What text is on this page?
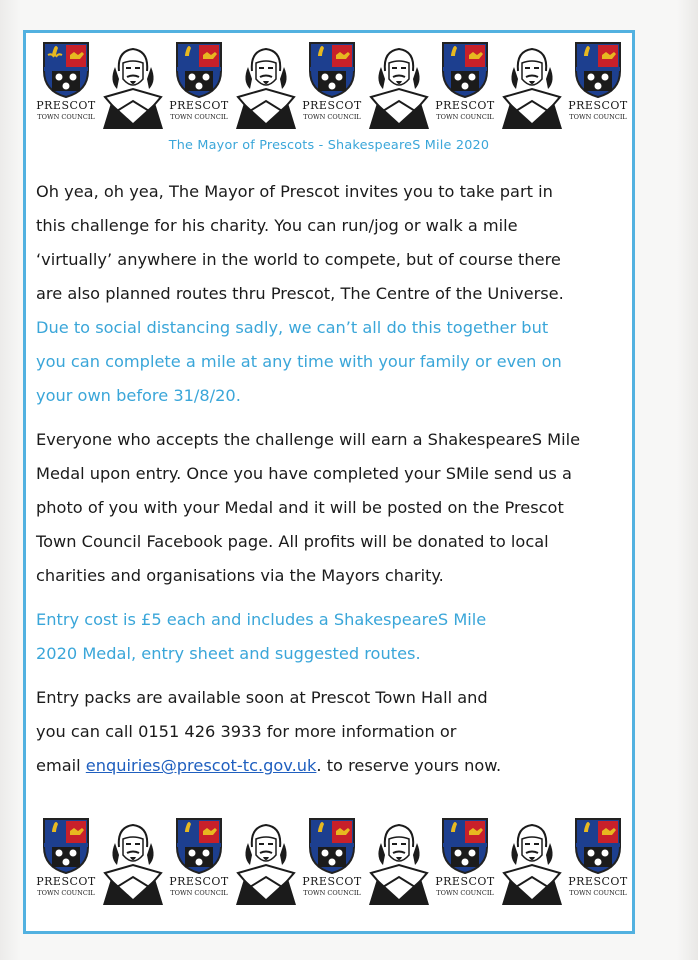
PRESCOT
TOWN COUNCIL
PRESCOT
TOWN COUNCIL
PRESCOT
TOWN COUNCIL
PRESCOT
TOWN COUNCIL
PRESCOT
TOWN COUNCIL
The Mayor of Prescots - ShakespeareS Mile 2020

Oh yea, oh yea, The Mayor of Prescot invites you to take part in
this challenge for his charity. You can run/jog or walk a mile
‘virtually’ anywhere in the world to compete, but of course there
are also planned routes thru Prescot, The Centre of the Universe.

Due to social distancing sadly, we can’t all do this together but
you can complete a mile at any time with your family or even on
your own before 31/8/20.

Everyone who accepts the challenge will earn a ShakespeareS Mile
Medal upon entry. Once you have completed your SMile send us a
photo of you with your Medal and it will be posted on the Prescot
Town Council Facebook page. All profits will be donated to local
charities and organisations via the Mayors charity.

Entry cost is £5 each and includes a ShakespeareS Mile
2020 Medal, entry sheet and suggested routes.

Entry packs are available soon at Prescot Town Hall and
you can call 0151 426 3933 for more information or
email enquiries@prescot-tc.gov.uk. to reserve yours now.

PRESCOT
TOWN COUNCIL
PRESCOT
TOWN COUNCIL
PRESCOT
TOWN COUNCIL
PRESCOT
TOWN COUNCIL
PRESCOT
TOWN COUNCIL
